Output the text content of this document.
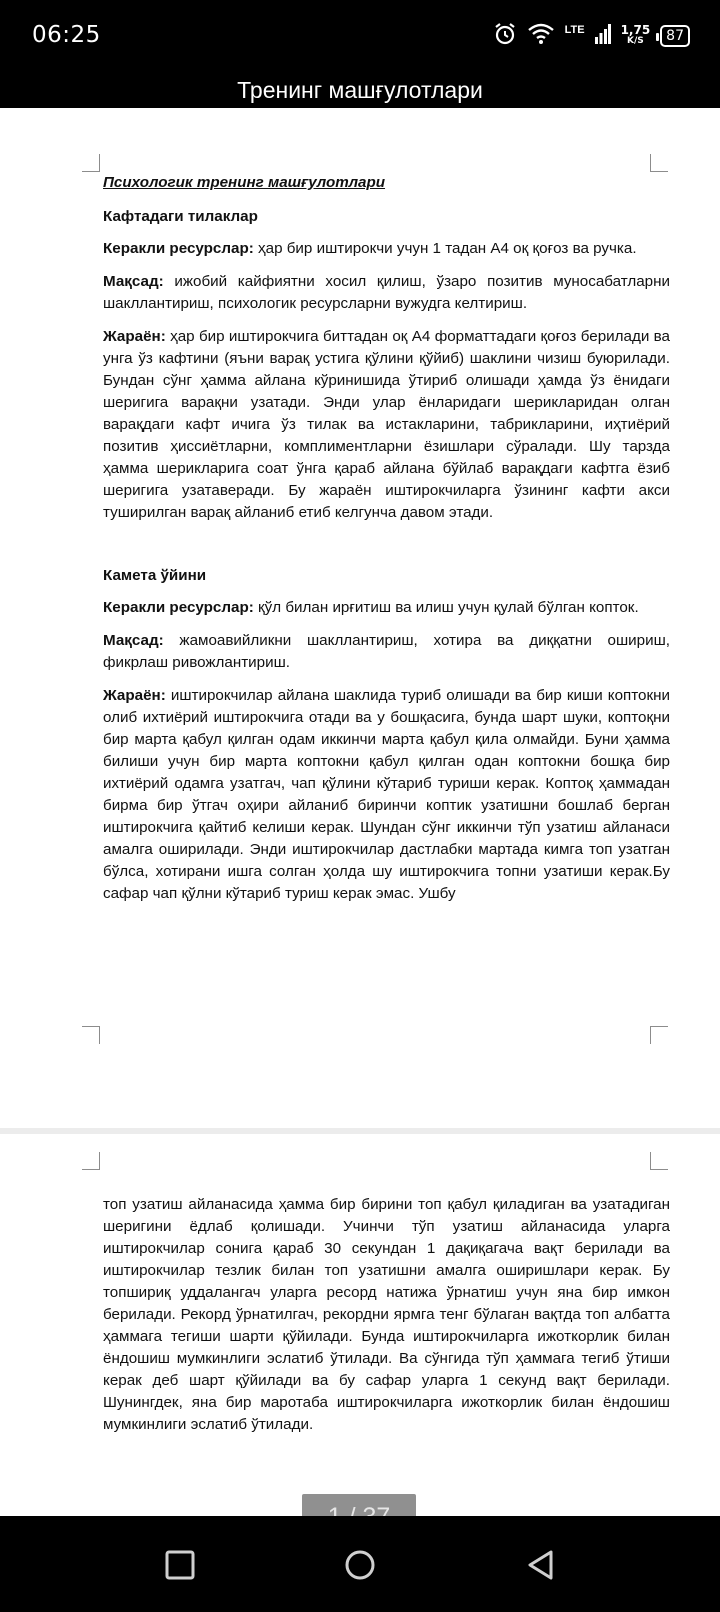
06:25	LTE	1,75
K/S	87
Тренинг машғулотлари
Психологик тренинг машғулотлари
Кафтадаги тилаклар

Керакли ресурслар: ҳар бир иштирокчи учун 1 тадан А4 оқ қоғоз ва ручка.

Мақсад: ижобий кайфиятни хосил қилиш, ўзаро позитив муносабатларни шакллантириш, психологик ресурсларни вужудга келтириш.

Жараён: ҳар бир иштирокчига биттадан оқ А4 форматтадаги қоғоз берилади ва унга ўз кафтини (яъни варақ устига қўлини қўйиб) шаклини чизиш буюрилади. Бундан сўнг ҳамма айлана кўринишида ўтириб олишади ҳамда ўз ёнидаги шеригига варақни узатади. Энди улар ёнларидаги шерикларидан олган варақдаги кафт ичига ўз тилак ва истакларини, табрикларини, иҳтиёрий позитив ҳиссиётларни, комплиментларни ёзишлари сўралади. Шу тарзда ҳамма шерикларига соат ўнга қараб айлана бўйлаб варақдаги кафтга ёзиб шеригига узатаверади. Бу жараён иштирокчиларга ўзининг кафти акси туширилган варақ айланиб етиб келгунча давом этади.

Камета ўйини

Керакли ресурслар: қўл билан ирғитиш ва илиш учун қулай бўлган копток.

Мақсад: жамоавийликни шакллантириш, хотира ва диққатни ошириш, фикрлаш ривожлантириш.

Жараён: иштирокчилар айлана шаклида туриб олишади ва бир киши коптокни олиб ихтиёрий иштирокчига отади ва у бошқасига, бунда шарт шуки, коптоқни бир марта қабул қилган одам иккинчи марта қабул қила олмайди. Буни ҳамма билиши учун бир марта коптокни қабул қилган одан коптокни бошқа бир ихтиёрий одамга узатгач, чап қўлини кўтариб туриши керак. Коптоқ ҳаммадан бирма бир ўтгач оҳири айланиб биринчи коптик узатишни бошлаб берган иштирокчига қайтиб келиши керак. Шундан сўнг иккинчи тўп узатиш айланаси амалга оширилади. Энди иштирокчилар дастлабки мартада кимга топ узатган бўлса, хотирани ишга солган ҳолда шу иштирокчига топни узатиши керак.Бу сафар чап қўлни кўтариб туриш керак эмас. Ушбу

топ узатиш айланасида ҳамма бир бирини топ қабул қиладиган ва узатадиган шеригини ёдлаб қолишади. Учинчи тўп узатиш айланасида уларга иштирокчилар сонига қараб 30 секундан 1 дақиқагача вақт берилади ва иштирокчилар тезлик билан топ узатишни амалга оширишлари керак. Бу топшириқ уддалангач уларга ресорд натижа ўрнатиш учун яна бир имкон берилади. Рекорд ўрнатилгач, рекордни ярмга тенг бўлаган вақтда топ албатта ҳаммага тегиши шарти қўйилади. Бунда иштирокчиларга ижоткорлик билан ёндошиш мумкинлиги эслатиб ўтилади. Ва сўнгида тўп ҳаммага тегиб ўтиши керак деб шарт қўйилади ва бу сафар уларга 1 секунд вақт берилади. Шунингдек, яна бир маротаба иштирокчиларга ижоткорлик билан ёндошиш мумкинлиги эслатиб ўтилади.
